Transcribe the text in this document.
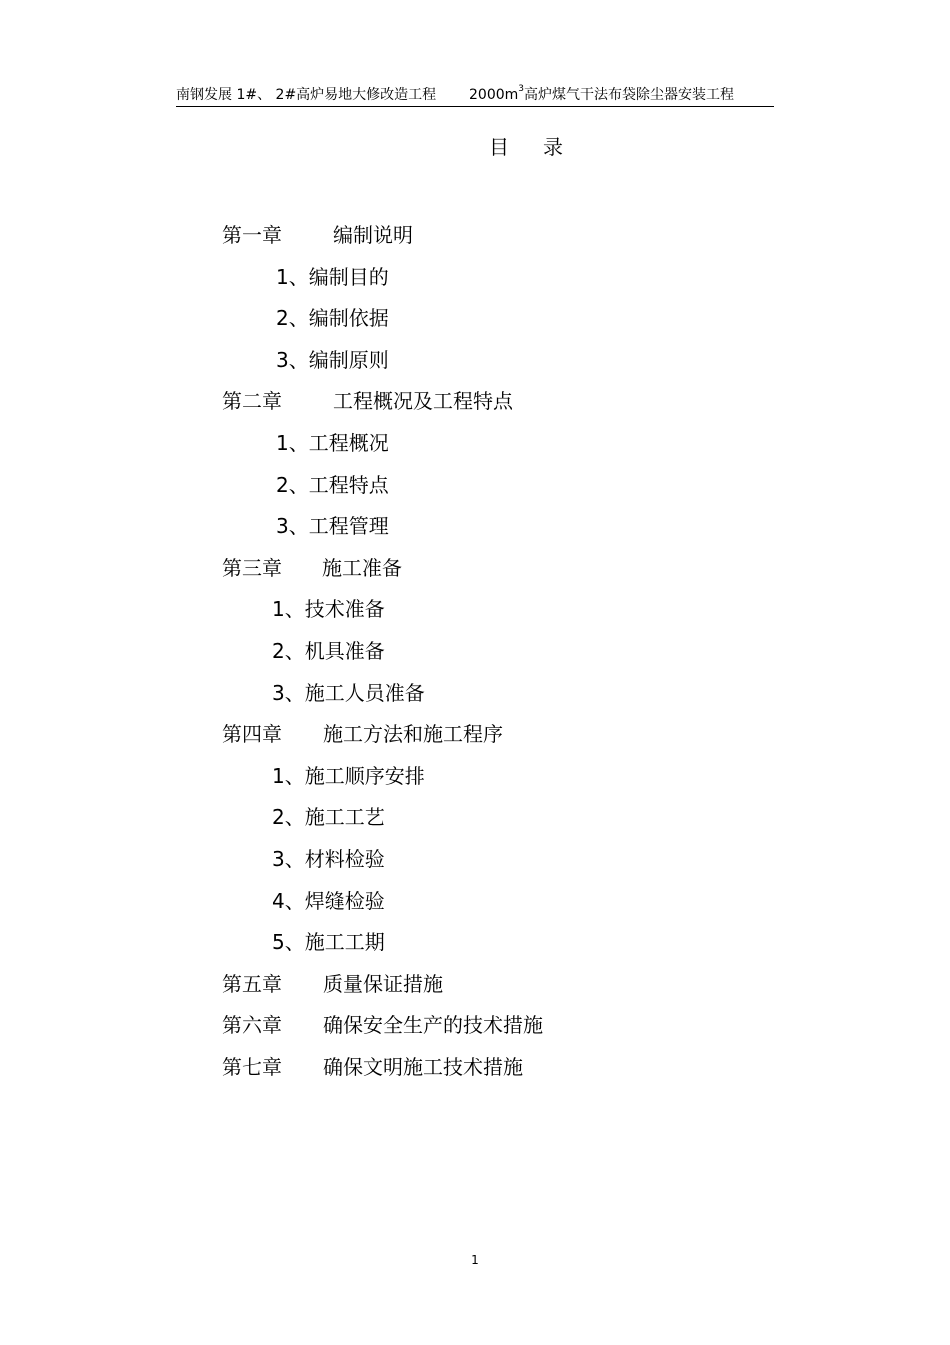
南钢发展 1#、 2#高炉易地大修改造工程 $2000m^3$高炉煤气干法布袋除尘器安装工程
目录
第一章	编制说明
1、编制目的
2、编制依据
3、编制原则
第二章	工程概况及工程特点
1、工程概况
2、工程特点
3、工程管理
第三章 施工准备
1、技术准备
2、机具准备
3、施工人员准备
第四章 施工方法和施工程序
1、施工顺序安排
2、施工工艺
3、材料检验
4、焊缝检验
5、施工工期
第五章 质量保证措施
第六章 确保安全生产的技术措施
第七章 确保文明施工技术措施
1
